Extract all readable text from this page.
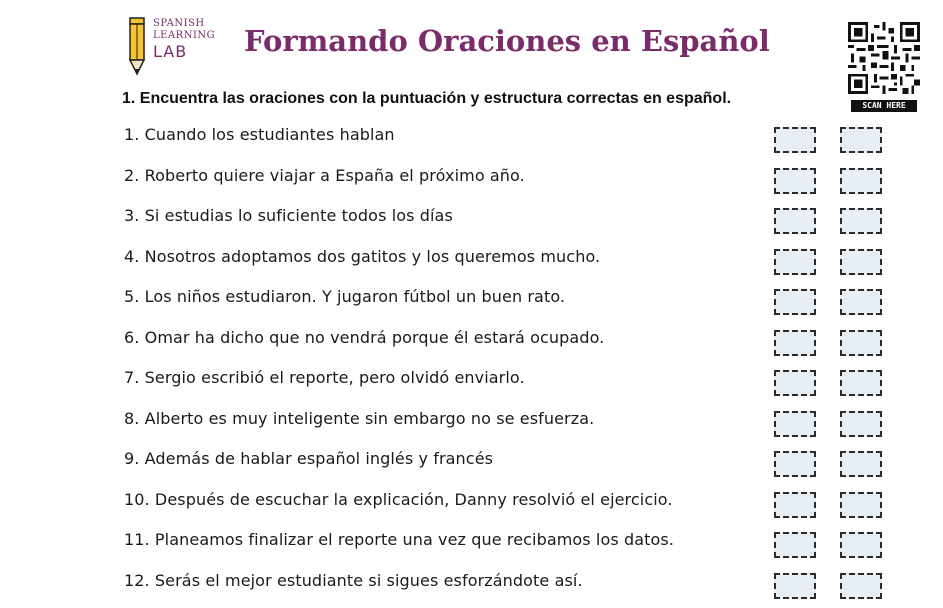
SPANISH
LEARNING
LAB	Formando Oraciones en Español
SCAN HERE
1. Encuentra las oraciones con la puntuación y estructura correctas en español.
1. Cuando los estudiantes hablan
2. Roberto quiere viajar a España el próximo año.
3. Si estudias lo suficiente todos los días
4. Nosotros adoptamos dos gatitos y los queremos mucho.
5. Los niños estudiaron. Y jugaron fútbol un buen rato.
6. Omar ha dicho que no vendrá porque él estará ocupado.
7. Sergio escribió el reporte, pero olvidó enviarlo.
8. Alberto es muy inteligente sin embargo no se esfuerza.
9. Además de hablar español inglés y francés
10. Después de escuchar la explicación, Danny resolvió el ejercicio.
11. Planeamos finalizar el reporte una vez que recibamos los datos.
12. Serás el mejor estudiante si sigues esforzándote así.
